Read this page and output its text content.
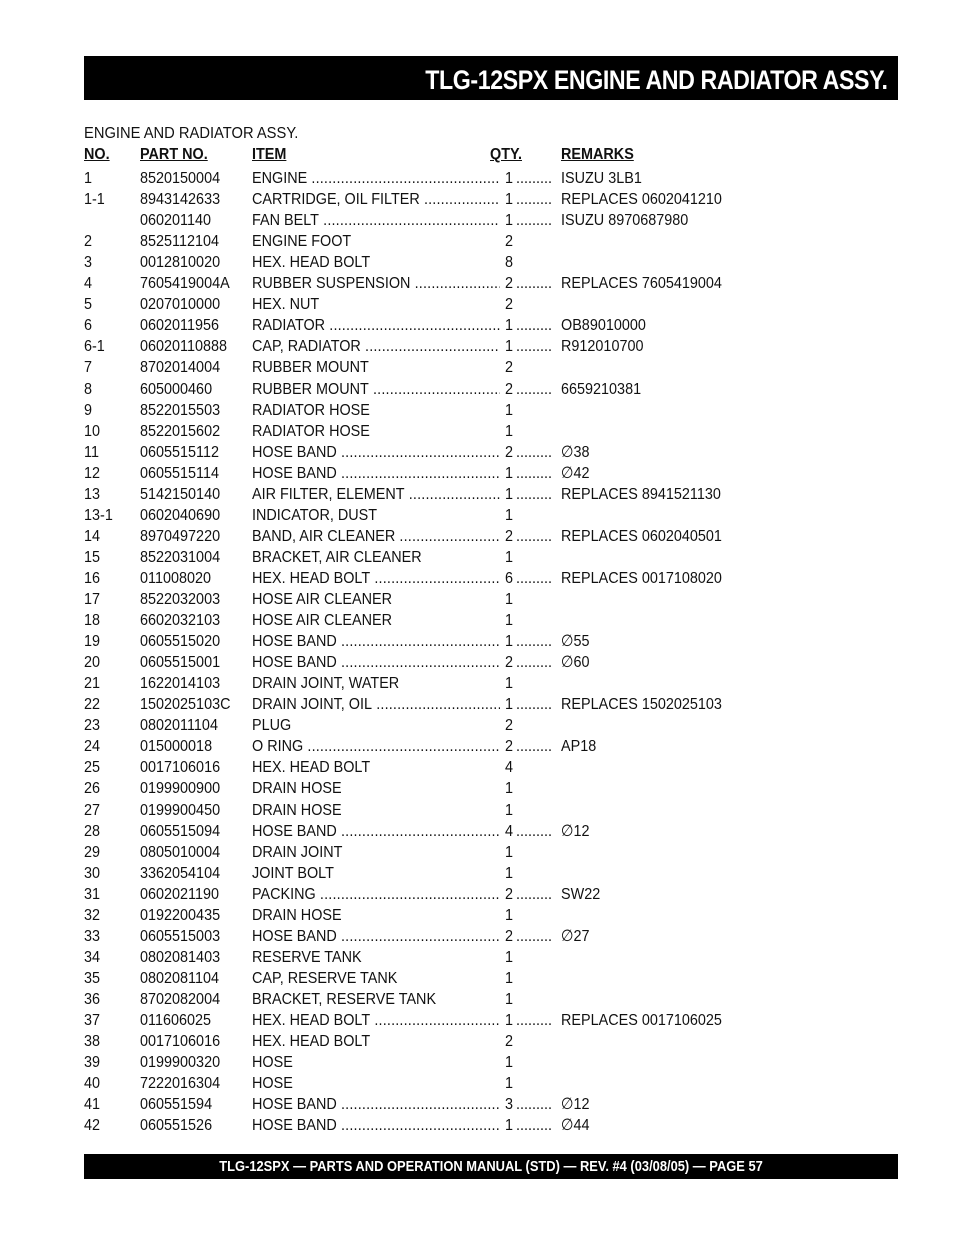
TLG-12SPX ENGINE AND RADIATOR ASSY.
ENGINE AND RADIATOR ASSY.
NO. PART NO.	ITEM	QTY. REMARKS
1	8520150004 ENGINE .....	1 ......... ISUZU 3LB1
1-1 8943142633 CARTRIDGE, OIL FILTER .....	1 ......... REPLACES 0602041210
060201140	FAN BELT .....	1 ......... ISUZU 8970687980
2	8525112104 ENGINE FOOT	2
3	0012810020 HEX. HEAD BOLT	8
4	7605419004A RUBBER SUSPENSION .....	2 ......... REPLACES 7605419004
5	0207010000 HEX. NUT	2
6	0602011956 RADIATOR .....	1 ......... OB89010000
6-1 06020110888 CAP, RADIATOR .....	1 ......... R912010700
7	8702014004 RUBBER MOUNT	2
8	605000460 RUBBER MOUNT .....	2 ......... 6659210381
9	8522015503 RADIATOR HOSE	1
10 8522015602 RADIATOR HOSE	1
11	0605515112 HOSE BAND .....	2 ......... ∅38
12 0605515114 HOSE BAND .....	1 ......... ∅42
13 5142150140 AIR FILTER, ELEMENT .....	1 ......... REPLACES 8941521130
13-1 0602040690 INDICATOR, DUST	1
14 8970497220 BAND, AIR CLEANER .....	2 ......... REPLACES 0602040501
15 8522031004 BRACKET, AIR CLEANER	1
16 011008020	HEX. HEAD BOLT .....	6 ......... REPLACES 0017108020
17 8522032003 HOSE AIR CLEANER	1
18 6602032103 HOSE AIR CLEANER	1
19 0605515020 HOSE BAND .....	1 ......... ∅55
20 0605515001 HOSE BAND .....	2 ......... ∅60
21 1622014103 DRAIN JOINT, WATER	1
22 1502025103C DRAIN JOINT, OIL .....	1 ......... REPLACES 1502025103
23 0802011104 PLUG	2
24 015000018 O RING .....	2 ......... AP18
25 0017106016 HEX. HEAD BOLT	4
26 0199900900 DRAIN HOSE	1
27 0199900450 DRAIN HOSE	1
28 0605515094 HOSE BAND .....	4 ......... ∅12
29 0805010004 DRAIN JOINT	1
30 3362054104 JOINT BOLT	1
31 0602021190 PACKING .....	2 ......... SW22
32 0192200435 DRAIN HOSE	1
33 0605515003 HOSE BAND .....	2 ......... ∅27
34 0802081403 RESERVE TANK	1
35 0802081104 CAP, RESERVE TANK	1
36 8702082004 BRACKET, RESERVE TANK	1
37 011606025	HEX. HEAD BOLT .....	1 ......... REPLACES 0017106025
38 0017106016 HEX. HEAD BOLT	2
39 0199900320 HOSE	1
40 7222016304 HOSE	1
41 060551594 HOSE BAND .....	3 ......... ∅12
42 060551526 HOSE BAND .....	1 ......... ∅44
TLG-12SPX — PARTS AND OPERATION MANUAL (STD) — REV. #4 (03/08/05) — PAGE 57
